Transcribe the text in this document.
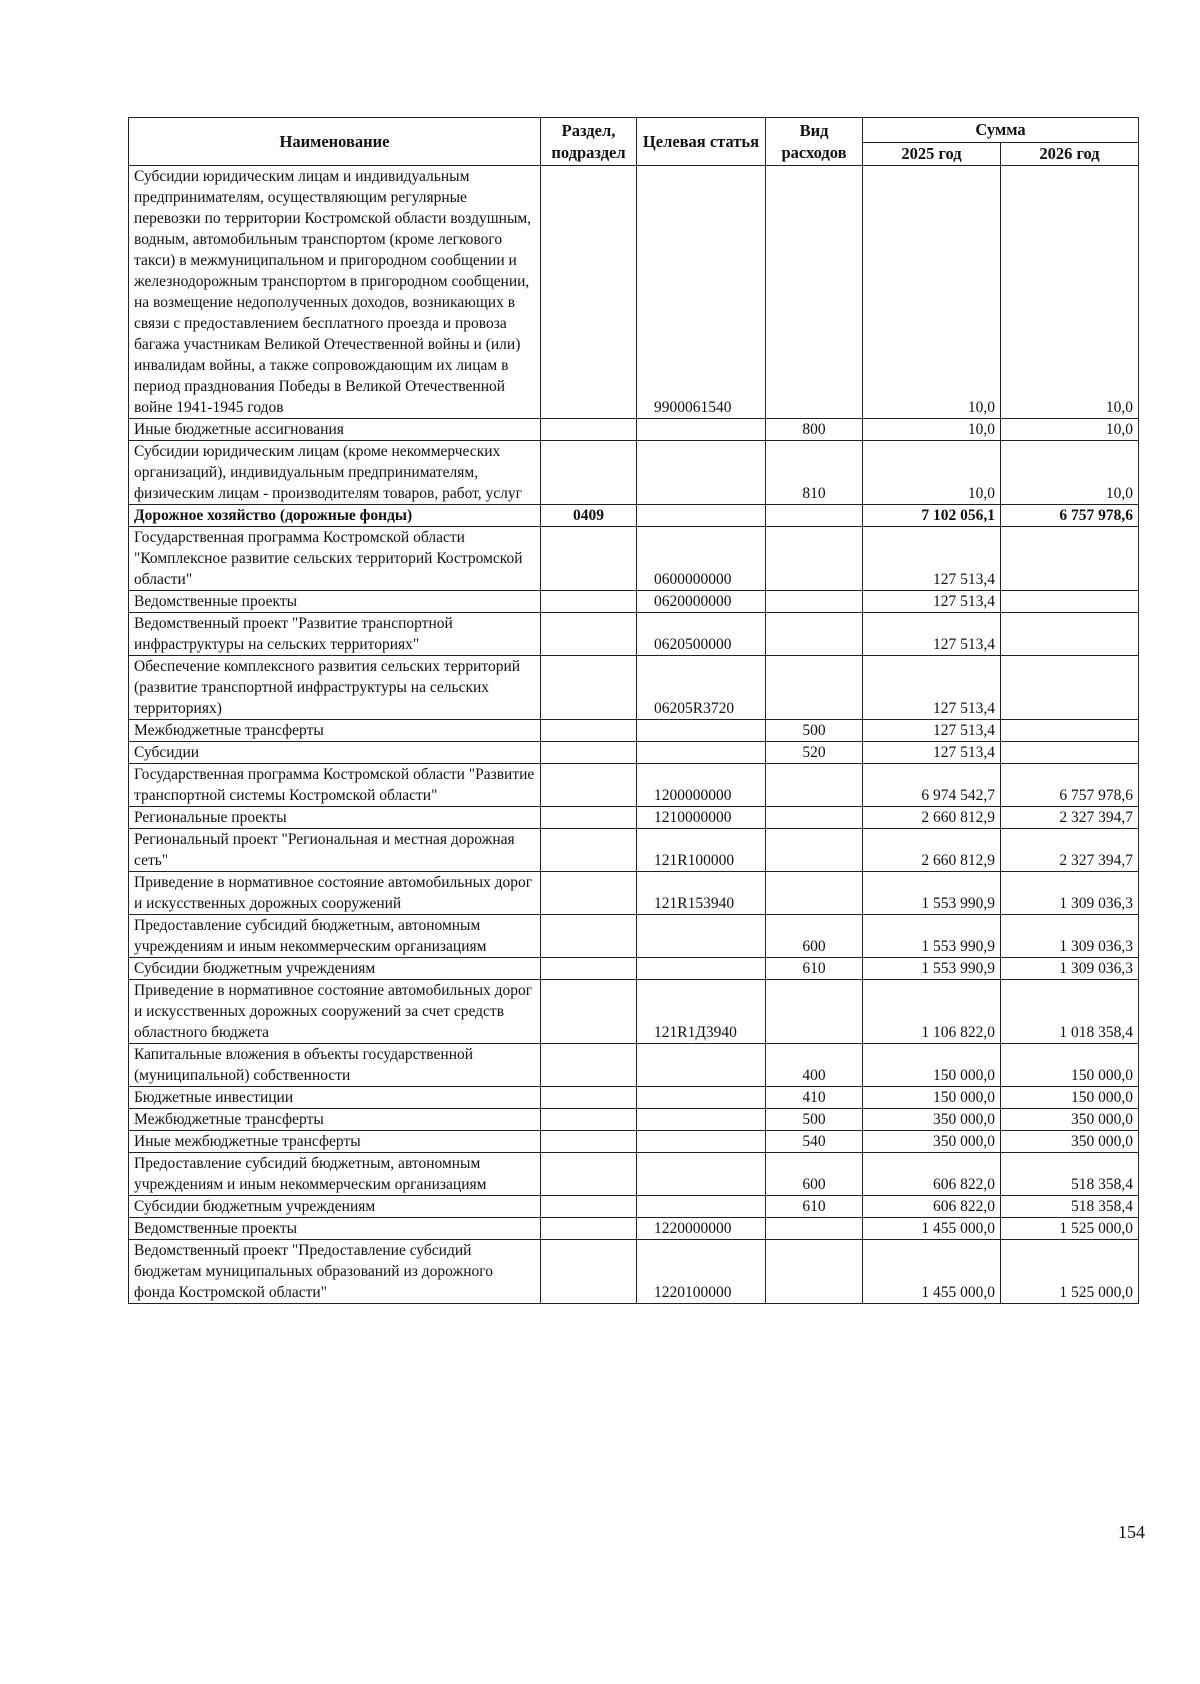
Наименование	Раздел, подраздел	Целевая статья	Вид расходов	Сумма	
				2025 год	2026 год
Субсидии юридическим лицам и индивидуальным предпринимателям, осуществляющим регулярные перевозки по территории Костромской области воздушным, водным, автомобильным транспортом (кроме легкового такси) в межмуниципальном и пригородном сообщении и железнодорожным транспортом в пригородном сообщении, на возмещение недополученных доходов, возникающих в связи с предоставлением бесплатного проезда и провоза багажа участникам Великой Отечественной войны и (или) инвалидам войны, а также сопровождающим их лицам в период празднования Победы в Великой Отечественной войне 1941-1945 годов		9900061540		10,0	10,0
Иные бюджетные ассигнования			800	10,0	10,0
Субсидии юридическим лицам (кроме некоммерческих организаций), индивидуальным предпринимателям, физическим лицам - производителям товаров, работ, услуг			810	10,0	10,0
Дорожное хозяйство (дорожные фонды)	0409			7 102 056,1	6 757 978,6
Государственная программа Костромской области "Комплексное развитие сельских территорий Костромской области"		0600000000		127 513,4	
Ведомственные проекты		0620000000		127 513,4	
Ведомственный проект "Развитие транспортной инфраструктуры на сельских территориях"		0620500000		127 513,4	
Обеспечение комплексного развития сельских территорий (развитие транспортной инфраструктуры на сельских территориях)		06205R3720		127 513,4	
Межбюджетные трансферты			500	127 513,4	
Субсидии			520	127 513,4	
Государственная программа Костромской области "Развитие транспортной системы Костромской области"		1200000000		6 974 542,7	6 757 978,6
Региональные проекты		1210000000		2 660 812,9	2 327 394,7
Региональный проект "Региональная и местная дорожная сеть"		121R100000		2 660 812,9	2 327 394,7
Приведение в нормативное состояние автомобильных дорог и искусственных дорожных сооружений		121R153940		1 553 990,9	1 309 036,3
Предоставление субсидий бюджетным, автономным учреждениям и иным некоммерческим организациям			600	1 553 990,9	1 309 036,3
Субсидии бюджетным учреждениям			610	1 553 990,9	1 309 036,3
Приведение в нормативное состояние автомобильных дорог и искусственных дорожных сооружений за счет средств областного бюджета		121R1Д3940		1 106 822,0	1 018 358,4
Капитальные вложения в объекты государственной (муниципальной) собственности			400	150 000,0	150 000,0
Бюджетные инвестиции			410	150 000,0	150 000,0
Межбюджетные трансферты			500	350 000,0	350 000,0
Иные межбюджетные трансферты			540	350 000,0	350 000,0
Предоставление субсидий бюджетным, автономным учреждениям и иным некоммерческим организациям			600	606 822,0	518 358,4
Субсидии бюджетным учреждениям			610	606 822,0	518 358,4
Ведомственные проекты		1220000000		1 455 000,0	1 525 000,0
Ведомственный проект "Предоставление субсидий бюджетам муниципальных образований из дорожного фонда Костромской области"		1220100000		1 455 000,0	1 525 000,0
154
